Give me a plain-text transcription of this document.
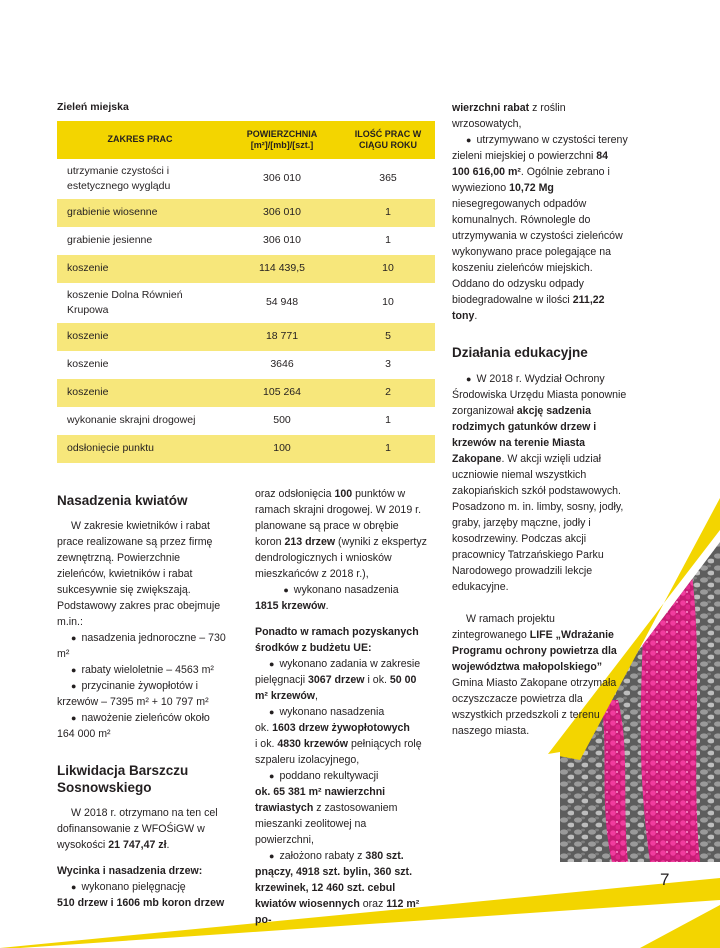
Zieleń miejska
ZAKRES PRAC	POWIERZCHNIA [m²]/[mb]/[szt.]	ILOŚĆ PRAC W CIĄGU ROKU
utrzymanie czystości i estetycznego wyglądu	306 010	365
grabienie wiosenne	306 010	1
grabienie jesienne	306 010	1
koszenie	114 439,5	10
koszenie Dolna Równień Krupowa	54 948	10
koszenie	18 771	5
koszenie	3646	3
koszenie	105 264	2
wykonanie skrajni drogowej	500	1
odsłonięcie punktu	100	1
Nasadzenia kwiatów

W zakresie kwietników i rabat prace realizowane są przez firmę zewnętrzną. Powierzchnie zieleńców, kwietników i rabat sukcesywnie się zwiększają. Podstawowy zakres prac obejmuje m.in.:

● nasadzenia jednoroczne – 730 m²

● rabaty wieloletnie – 4563 m²

● przycinanie żywopłotów i krzewów – 7395 m² + 10 797 m²

● nawożenie zieleńców około 164 000 m²

Likwidacja Barszczu Sosnowskiego

W 2018 r. otrzymano na ten cel dofinansowanie z WFOŚiGW w wysokości 21 747,47 zł.

Wycinka i nasadzenia drzew:

● wykonano pielęgnację

510 drzew i 1606 mb koron drzew

oraz odsłonięcia 100 punktów w ramach skrajni drogowej. W 2019 r. planowane są prace w obrębie koron 213 drzew (wyniki z ekspertyz dendrologicznych i wniosków mieszkańców z 2018 r.),

● wykonano nasadzenia

1815 krzewów.

Ponadto w ramach pozyskanych środków z budżetu UE:

● wykonano zadania w zakresie pielęgnacji 3067 drzew i ok. 50 00 m² krzewów,

● wykonano nasadzenia

ok. 1603 drzew żywopłotowych

i ok. 4830 krzewów pełniących rolę szpaleru izolacyjnego,

● poddano rekultywacji

ok. 65 381 m² nawierzchni trawiastych z zastosowaniem mieszanki zeolitowej na powierzchni,

● założono rabaty z 380 szt. pnączy, 4918 szt. bylin, 360 szt. krzewinek, 12 460 szt. cebul kwiatów wiosennych oraz 112 m² po-

wierzchni rabat z roślin wrzosowatych,

● utrzymywano w czystości tereny zieleni miejskiej o powierzchni 84 100 616,00 m². Ogólnie zebrano i wywieziono 10,72 Mg niesegregowanych odpadów komunalnych. Równolegle do utrzymywania w czystości zieleńców wykonywano prace polegające na koszeniu zieleńców miejskich. Oddano do odzysku odpady biodegradowalne w ilości 211,22 tony.

Działania edukacyjne

● W 2018 r. Wydział Ochrony Środowiska Urzędu Miasta ponownie zorganizował akcję sadzenia rodzimych gatunków drzew i krzewów na terenie Miasta Zakopane. W akcji wzięli udział uczniowie niemal wszystkich zakopiańskich szkół podstawowych. Posadzono m. in. limby, sosny, jodły, graby, jarzęby mączne, jodły i kosodrzewiny. Podczas akcji pracownicy Tatrzańskiego Parku Narodowego prowadzili lekcje edukacyjne.

W ramach projektu zintegrowanego LIFE „Wdrażanie Programu ochrony powietrza dla województwa małopolskiego” Gmina Miasto Zakopane otrzymała oczyszczacze powietrza dla wszystkich przedszkoli z terenu naszego miasta.

7
